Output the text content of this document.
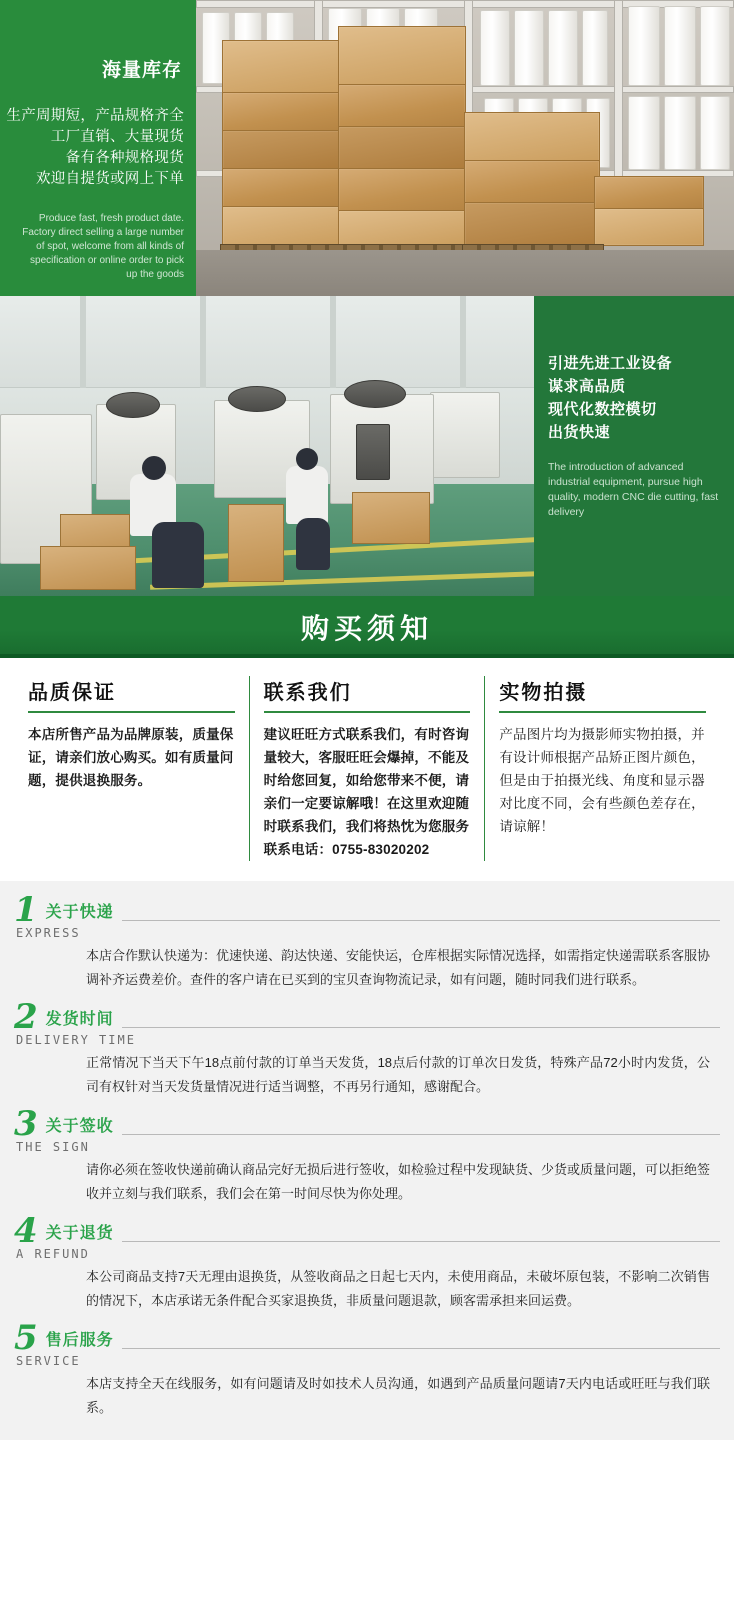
海量库存
生产周期短，产品规格齐全
工厂直销、大量现货
备有各种规格现货
欢迎自提货或网上下单
Produce fast, fresh product date. Factory direct selling a large number of spot, welcome from all kinds of specification or online order to pick up the goods
引进先进工业设备
谋求高品质
现代化数控模切
出货快速
The introduction of advanced industrial equipment, pursue high quality, modern CNC die cutting, fast delivery
购买须知
品质保证

本店所售产品为品牌原装，质量保证，请亲们放心购买。如有质量问题，提供退换服务。

联系我们

建议旺旺方式联系我们，有时咨询量较大，客服旺旺会爆掉，不能及时给您回复，如给您带来不便，请亲们一定要谅解哦！在这里欢迎随时联系我们，我们将热忱为您服务

联系电话：0755-83020202

实物拍摄

产品图片均为摄影师实物拍摄，并有设计师根据产品矫正图片颜色，但是由于拍摄光线、角度和显示器对比度不同，会有些颜色差存在，请谅解！

1 关于快递
EXPRESS
本店合作默认快递为：优速快递、韵达快递、安能快运，仓库根据实际情况选择，如需指定快递需联系客服协调补齐运费差价。查件的客户请在已买到的宝贝查询物流记录，如有问题，随时同我们进行联系。
2 发货时间
DELIVERY TIME
正常情况下当天下午18点前付款的订单当天发货，18点后付款的订单次日发货，特殊产品72小时内发货，公司有权针对当天发货量情况进行适当调整，不再另行通知，感谢配合。
3 关于签收
THE SIGN
请你必须在签收快递前确认商品完好无损后进行签收，如检验过程中发现缺货、少货或质量问题，可以拒绝签收并立刻与我们联系，我们会在第一时间尽快为你处理。
4 关于退货
A REFUND
本公司商品支持7天无理由退换货，从签收商品之日起七天内，未使用商品，未破坏原包装，不影响二次销售的情况下，本店承诺无条件配合买家退换货，非质量问题退款，顾客需承担来回运费。
5 售后服务
SERVICE
本店支持全天在线服务，如有问题请及时如技术人员沟通，如遇到产品质量问题请7天内电话或旺旺与我们联系。
